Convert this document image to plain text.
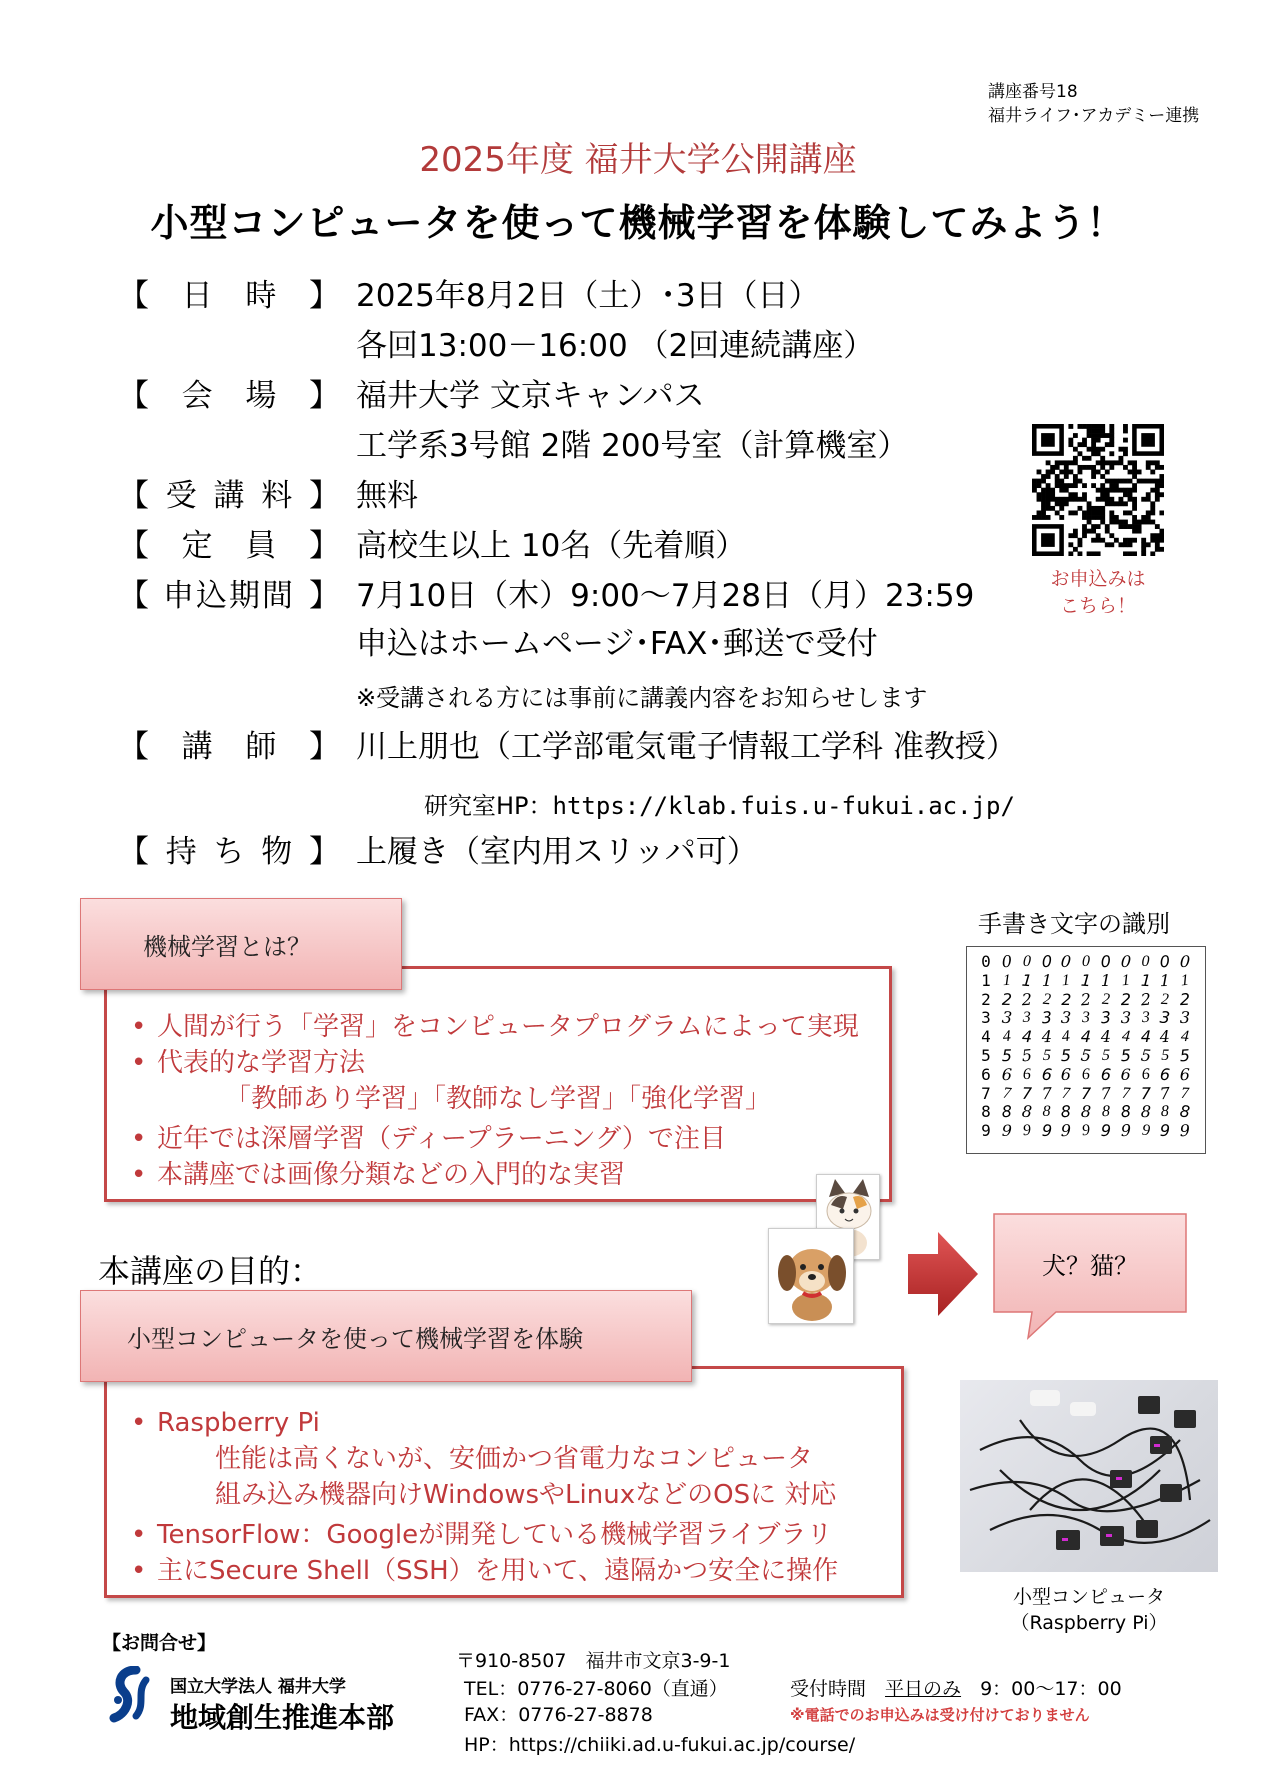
講座番号18
福井ライフ･アカデミー連携
2025年度 福井大学公開講座
小型コンピュータを使って機械学習を体験してみよう！
【 日 時 】 2025年8月2日（土）･3日（日）
各回13:00－16:00 （2回連続講座）
【 会 場 】 福井大学 文京キャンパス
工学系3号館 2階 200号室（計算機室）
【 受 講 料 】 無料
【 定 員 】 高校生以上 10名（先着順）
【 申込期間 】 7月10日（木）9:00～7月28日（月）23:59
申込はホームページ･FAX･郵送で受付
※受講される方には事前に講義内容をお知らせします
【 講 師 】 川上朋也（工学部電気電子情報工学科 准教授）
研究室HP：https://klab.fuis.u-fukui.ac.jp/
【 持 ち 物 】 上履き（室内用スリッパ可）
お申込みは
こちら！
• 人間が行う「学習」をコンピュータプログラムによって実現
• 代表的な学習方法
「教師あり学習」「教師なし学習」「強化学習」
• 近年では深層学習（ディープラーニング）で注目
• 本講座では画像分類などの入門的な実習
機械学習とは？
手書き文字の識別
0 0 0 0 0 0 0 0 0 0 0
1 1 1 1 1 1 1 1 1 1 1
2 2 2 2 2 2 2 2 2 2 2
3 3 3 3 3 3 3 3 3 3 3
4 4 4 4 4 4 4 4 4 4 4
5 5 5 5 5 5 5 5 5 5 5
6 6 6 6 6 6 6 6 6 6 6
7 7 7 7 7 7 7 7 7 7 7
8 8 8 8 8 8 8 8 8 8 8
9 9 9 9 9 9 9 9 9 9 9
犬？猫？
本講座の目的：
• Raspberry Pi
性能は高くないが、安価かつ省電力なコンピュータ
組み込み機器向けWindowsやLinuxなどのOSに 対応
• TensorFlow：Googleが開発している機械学習ライブラリ
• 主にSecure Shell（SSH）を用いて、遠隔かつ安全に操作
小型コンピュータを使って機械学習を体験
小型コンピュータ
（Raspberry Pi）
【お問合せ】
国立大学法人 福井大学
地域創生推進本部
〒910-8507　福井市文京3-9-1
TEL：0776-27-8060（直通）	受付時間　 平日のみ　 9：00～17：00
FAX：0776-27-8878	※電話でのお申込みは受け付けておりません
HP：https://chiiki.ad.u-fukui.ac.jp/course/
